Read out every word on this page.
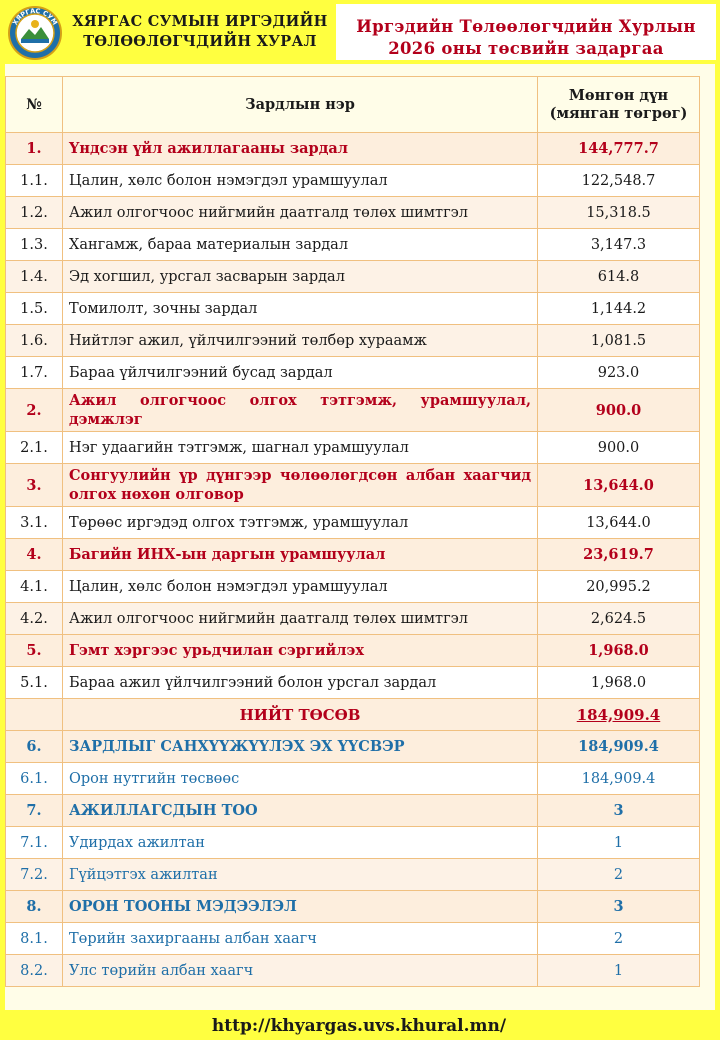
ХЯРГАС СУМ ХЯРГАС СУМЫН ИРГЭДИЙН
ТӨЛӨӨЛӨГЧДИЙН ХУРАЛ
Иргэдийн Төлөөлөгчдийн Хурлын
2026 оны төсвийн задаргаа
№	Зардлын нэр	Мөнгөн дүн
(мянган төгрөг)

1.	Үндсэн үйл ажиллагааны зардал	144,777.7
1.1.	Цалин, хөлс болон нэмэгдэл урамшуулал	122,548.7
1.2.	Ажил олгогчоос нийгмийн даатгалд төлөх шимтгэл	15,318.5
1.3.	Хангамж, бараа материалын зардал	3,147.3
1.4.	Эд хогшил, урсгал засварын зардал	614.8
1.5.	Томилолт, зочны зардал	1,144.2
1.6.	Нийтлэг ажил, үйлчилгээний төлбөр хураамж	1,081.5
1.7.	Бараа үйлчилгээний бусад зардал	923.0
2.	Ажил олгогчоос олгох тэтгэмж, урамшуулал, дэмжлэг	900.0
2.1.	Нэг удаагийн тэтгэмж, шагнал урамшуулал	900.0
3.	Сонгуулийн үр дүнгээр чөлөөлөгдсөн албан хаагчид олгох нөхөн олговор	13,644.0
3.1.	Төрөөс иргэдэд олгох тэтгэмж, урамшуулал	13,644.0
4.	Багийн ИНХ-ын даргын урамшуулал	23,619.7
4.1.	Цалин, хөлс болон нэмэгдэл урамшуулал	20,995.2
4.2.	Ажил олгогчоос нийгмийн даатгалд төлөх шимтгэл	2,624.5
5.	Гэмт хэргээс урьдчилан сэргийлэх	1,968.0
5.1.	Бараа ажил үйлчилгээний болон урсгал зардал	1,968.0
	НИЙТ ТӨСӨВ	184,909.4
6.	ЗАРДЛЫГ САНХҮҮЖҮҮЛЭХ ЭХ ҮҮСВЭР	184,909.4
6.1.	Орон нутгийн төсвөөс	184,909.4
7.	АЖИЛЛАГСДЫН ТОО	3
7.1.	Удирдах ажилтан	1
7.2.	Гүйцэтгэх ажилтан	2
8.	ОРОН ТООНЫ МЭДЭЭЛЭЛ	3
8.1.	Төрийн захиргааны албан хаагч	2
8.2.	Улс төрийн албан хаагч	1
http://khyargas.uvs.khural.mn/
